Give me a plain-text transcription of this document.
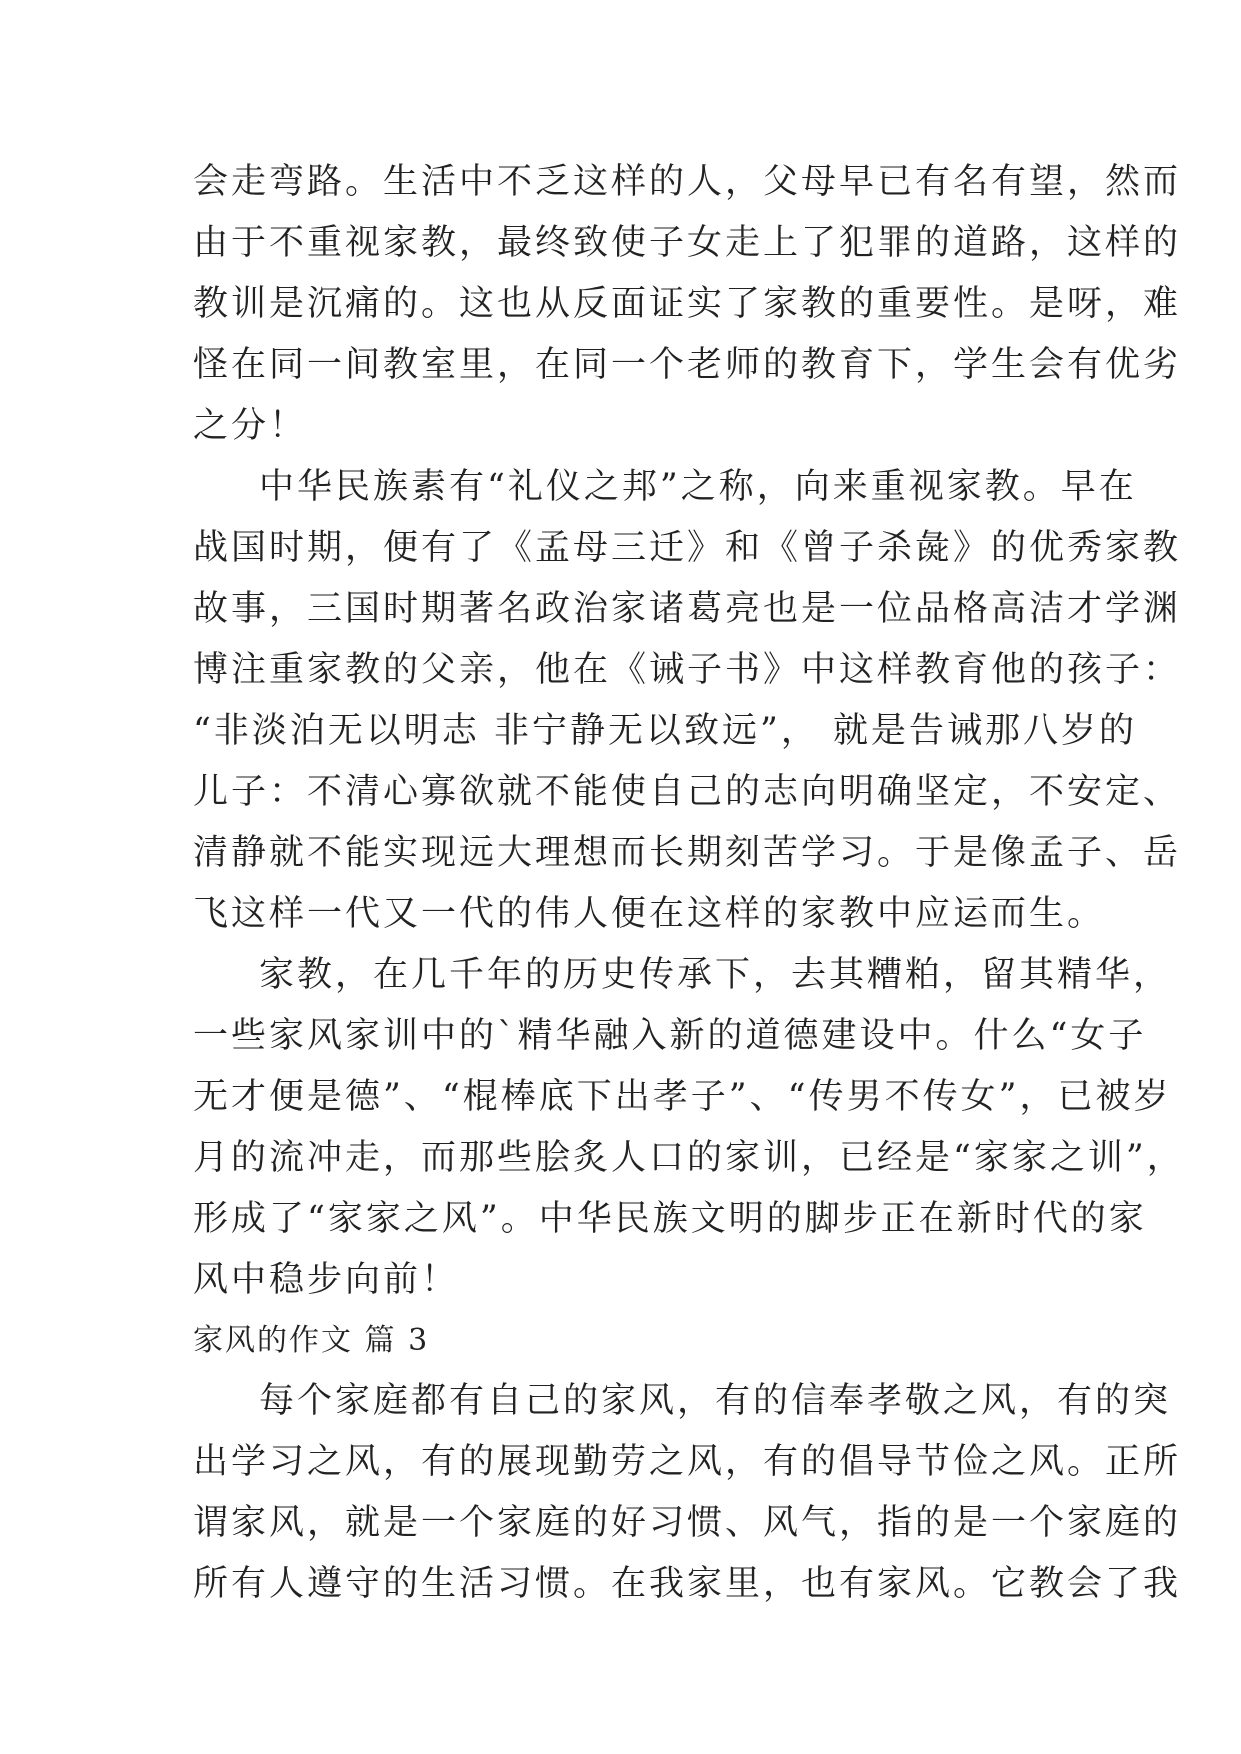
会走弯路。生活中不乏这样的人，父母早已有名有望，然而
由于不重视家教，最终致使子女走上了犯罪的道路，这样的
教训是沉痛的。这也从反面证实了家教的重要性。是呀，难
怪在同一间教室里，在同一个老师的教育下，学生会有优劣
之分！
中华民族素有“礼仪之邦”之称，向来重视家教。早在
战国时期，便有了《孟母三迁》和《曾子杀彘》的优秀家教
故事，三国时期著名政治家诸葛亮也是一位品格高洁才学渊
博注重家教的父亲，他在《诫子书》中这样教育他的孩子：
“非淡泊无以明志 非宁静无以致远”， 就是告诫那八岁的
儿子：不清心寡欲就不能使自己的志向明确坚定，不安定、
清静就不能实现远大理想而长期刻苦学习。于是像孟子、岳
飞这样一代又一代的伟人便在这样的家教中应运而生。
家教，在几千年的历史传承下，去其糟粕，留其精华，
一些家风家训中的`精华融入新的道德建设中。什么“女子
无才便是德”、“棍棒底下出孝子”、“传男不传女”，已被岁
月的流冲走，而那些脍炙人口的家训，已经是“家家之训”，
形成了“家家之风”。中华民族文明的脚步正在新时代的家
风中稳步向前！
家风的作文 篇 3
每个家庭都有自己的家风，有的信奉孝敬之风，有的突
出学习之风，有的展现勤劳之风，有的倡导节俭之风。正所
谓家风，就是一个家庭的好习惯、风气，指的是一个家庭的
所有人遵守的生活习惯。在我家里，也有家风。它教会了我
